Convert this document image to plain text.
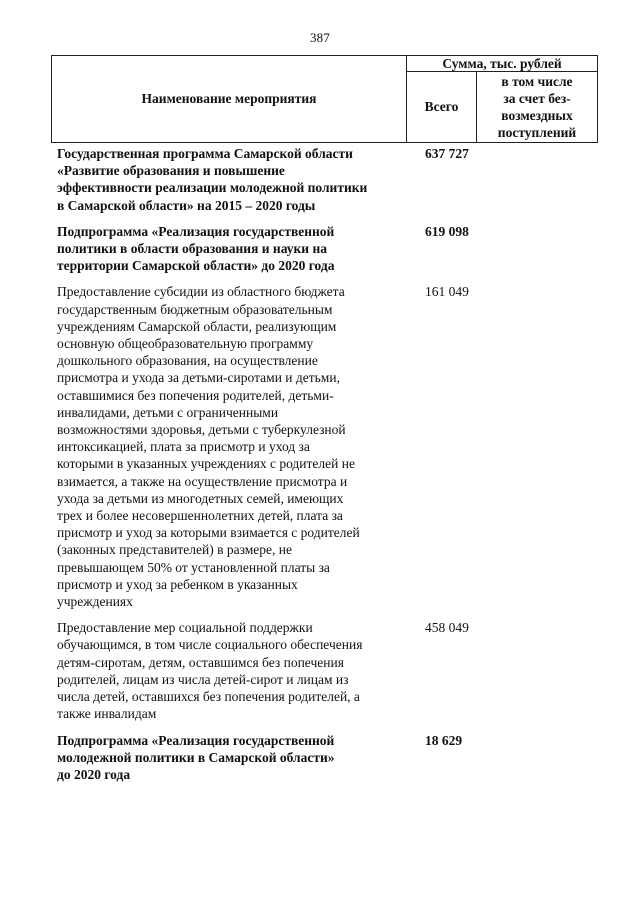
387
Наименование мероприятия
Сумма, тыс. рублей
Всего
в том числе
за счет без-
возмездных
поступлений
Государственная программа Самарской области
«Развитие образования и повышение
эффективности реализации молодежной политики
в Самарской области» на 2015 – 2020 годы
637 727
Подпрограмма «Реализация государственной
политики в области образования и науки на
территории Самарской области» до 2020 года
619 098
Предоставление субсидии из областного бюджета
государственным бюджетным образовательным
учреждениям Самарской области, реализующим
основную общеобразовательную программу
дошкольного образования, на осуществление
присмотра и ухода за детьми-сиротами и детьми,
оставшимися без попечения родителей, детьми-
инвалидами, детьми с ограниченными
возможностями здоровья, детьми с туберкулезной
интоксикацией, плата за присмотр и уход за
которыми в указанных учреждениях с родителей не
взимается, а также на осуществление присмотра и
ухода за детьми из многодетных семей, имеющих
трех и более несовершеннолетних детей, плата за
присмотр и уход за которыми взимается с родителей
(законных представителей) в размере, не
превышающем 50% от установленной платы за
присмотр и уход за ребенком в указанных
учреждениях
161 049
Предоставление мер социальной поддержки
обучающимся, в том числе социального обеспечения
детям-сиротам, детям, оставшимся без попечения
родителей, лицам из числа детей-сирот и лицам из
числа детей, оставшихся без попечения родителей, а
также инвалидам
458 049
Подпрограмма «Реализация государственной
молодежной политики в Самарской области»
до 2020 года
18 629
